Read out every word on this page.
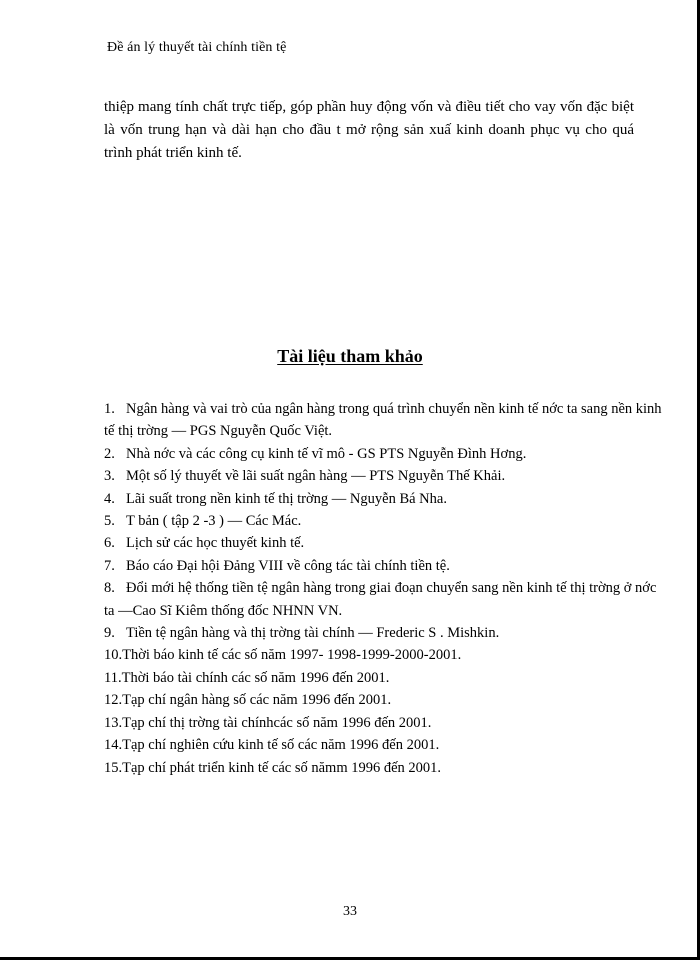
Đề án lý thuyết tài chính tiền tệ
thiệp mang tính chất trực tiếp, góp phần huy động vốn và điều tiết cho vay vốn đặc biệt là vốn trung hạn và dài hạn cho đầu t mở rộng sản xuấ kinh doanh phục vụ cho quá trình phát triển kinh tế.
Tài liệu tham khảo
1. Ngân hàng và vai trò của ngân hàng trong quá trình chuyển nền kinh tế nớc ta sang nền kinh tế thị trờng — PGS Nguyễn Quốc Việt.
2. Nhà nớc và các công cụ kinh tế vĩ mô - GS PTS Nguyễn Đình Hơng.
3. Một số lý thuyết về lãi suất ngân hàng — PTS Nguyễn Thế Khải.
4. Lãi suất trong nền kinh tế thị trờng — Nguyễn Bá Nha.
5. T bản ( tập 2 -3 ) — Các Mác.
6. Lịch sử các học thuyết kinh tế.
7. Báo cáo Đại hội Đảng VIII về công tác tài chính tiền tệ.
8. Đổi mới hệ thống tiền tệ ngân hàng trong giai đoạn chuyển sang nền kinh tế thị trờng ở nớc ta —Cao Sĩ Kiêm thống đốc NHNN VN.
9. Tiền tệ ngân hàng và thị trờng tài chính — Frederic S . Mishkin.
10.Thời báo kinh tế các số năm 1997- 1998-1999-2000-2001.
11.Thời báo tài chính các số năm 1996 đến 2001.
12.Tạp chí ngân hàng số các năm 1996 đến 2001.
13.Tạp chí thị trờng tài chínhcác số năm 1996 đến 2001.
14.Tạp chí nghiên cứu kinh tế số các năm 1996 đến 2001.
15.Tạp chí phát triển kinh tế các số nămm 1996 đến 2001.
33
